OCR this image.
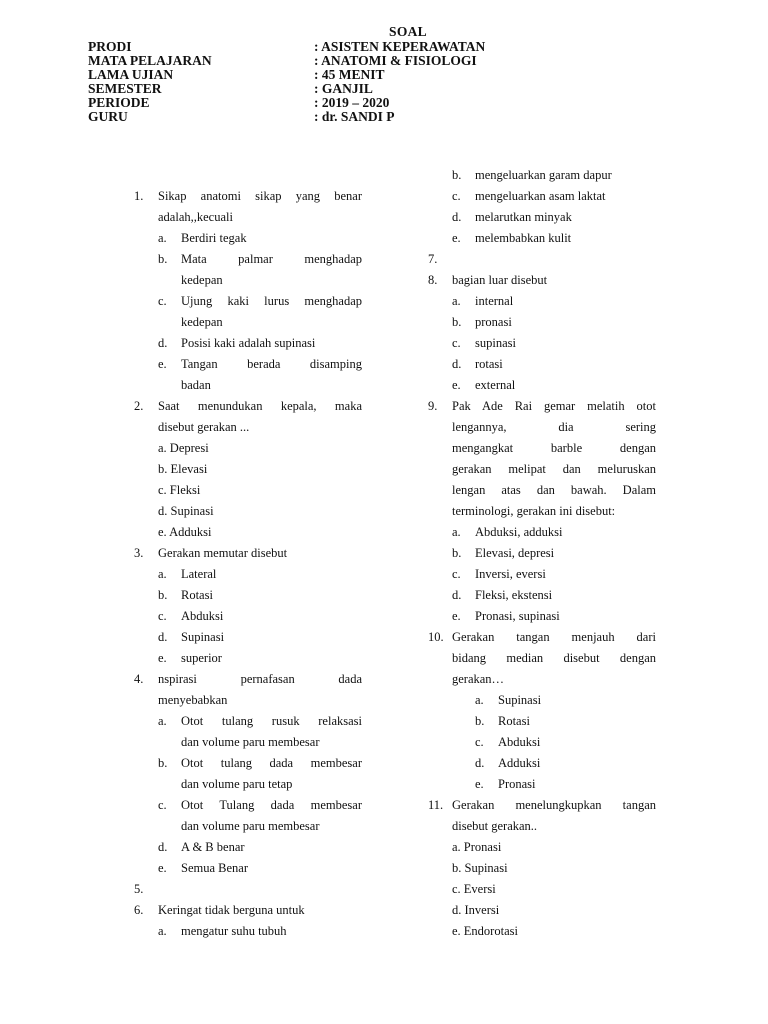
SOAL
PRODI	: ASISTEN KEPERAWATAN
MATA PELAJARAN	: ANATOMI & FISIOLOGI
LAMA UJIAN	: 45 MENIT
SEMESTER	: GANJIL
PERIODE	: 2019 – 2020
GURU	: dr. SANDI P
1. Sikap anatomi sikap yang benar
adalah,,kecuali
a. Berdiri tegak
b. Mata palmar menghadap
kedepan
c. Ujung kaki lurus menghadap
kedepan
d. Posisi kaki adalah supinasi
e. Tangan berada disamping
badan
2. Saat menundukan kepala, maka
disebut gerakan ...
a. Depresi
b. Elevasi
c. Fleksi
d. Supinasi
e. Adduksi
3. Gerakan memutar disebut
a. Lateral
b. Rotasi
c. Abduksi
d. Supinasi
e. superior
4. nspirasi pernafasan dada
menyebabkan
a. Otot tulang rusuk relaksasi
dan volume paru membesar
b. Otot tulang dada membesar
dan volume paru tetap
c. Otot Tulang dada membesar
dan volume paru membesar
d. A & B benar
e. Semua Benar
5.
6. Keringat tidak berguna untuk
a. mengatur suhu tubuh
b. mengeluarkan garam dapur
c. mengeluarkan asam laktat
d. melarutkan minyak
e. melembabkan kulit
7.
8. bagian luar disebut
a. internal
b. pronasi
c. supinasi
d. rotasi
e. external
9. Pak Ade Rai gemar melatih otot
lengannya, dia sering
mengangkat barble dengan
gerakan melipat dan meluruskan
lengan atas dan bawah. Dalam
terminologi, gerakan ini disebut:
a. Abduksi, adduksi
b. Elevasi, depresi
c. Inversi, eversi
d. Fleksi, ekstensi
e. Pronasi, supinasi
10. Gerakan tangan menjauh dari
bidang median disebut dengan
gerakan…
a. Supinasi
b. Rotasi
c. Abduksi
d. Adduksi
e. Pronasi
11. Gerakan menelungkupkan tangan
disebut gerakan..
a. Pronasi
b. Supinasi
c. Eversi
d. Inversi
e. Endorotasi
